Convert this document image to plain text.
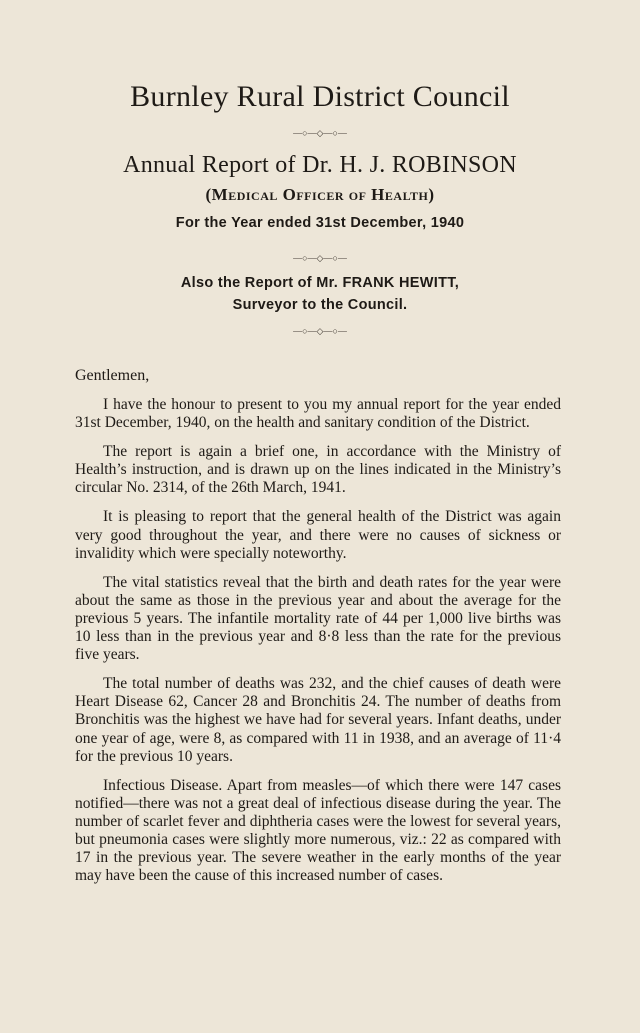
Burnley Rural District Council
—○—◇—○—
Annual Report of Dr. H. J. ROBINSON
(Medical Officer of Health)
For the Year ended 31st December, 1940
—○—◇—○—
Also the Report of Mr. FRANK HEWITT,
Surveyor to the Council.
—○—◇—○—
Gentlemen,

I have the honour to present to you my annual report for the year ended 31st December, 1940, on the health and sanitary condition of the District.

The report is again a brief one, in accordance with the Ministry of Health’s instruction, and is drawn up on the lines indicated in the Ministry’s circular No. 2314, of the 26th March, 1941.

It is pleasing to report that the general health of the District was again very good throughout the year, and there were no causes of sickness or invalidity which were specially noteworthy.

The vital statistics reveal that the birth and death rates for the year were about the same as those in the previous year and about the average for the previous 5 years. The infantile mortality rate of 44 per 1,000 live births was 10 less than in the previous year and 8·8 less than the rate for the previous five years.

The total number of deaths was 232, and the chief causes of death were Heart Disease 62, Cancer 28 and Bronchitis 24. The number of deaths from Bronchitis was the highest we have had for several years. Infant deaths, under one year of age, were 8, as compared with 11 in 1938, and an average of 11·4 for the previous 10 years.

Infectious Disease. Apart from measles—of which there were 147 cases notified—there was not a great deal of infectious disease during the year. The number of scarlet fever and diphtheria cases were the lowest for several years, but pneumonia cases were slightly more numerous, viz.: 22 as compared with 17 in the previous year. The severe weather in the early months of the year may have been the cause of this increased number of cases.
